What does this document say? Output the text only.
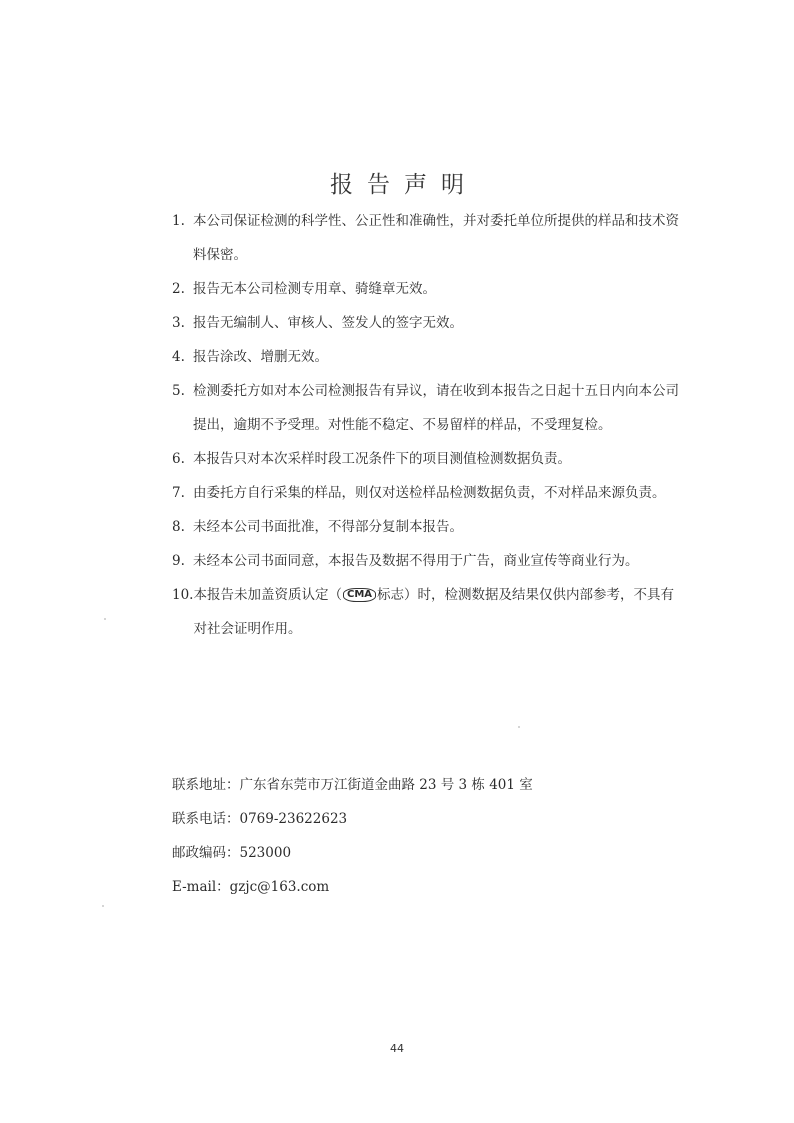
报告声明
1. 本公司保证检测的科学性、公正性和准确性，并对委托单位所提供的样品和技术资料保密。
2. 报告无本公司检测专用章、骑缝章无效。
3. 报告无编制人、审核人、签发人的签字无效。
4. 报告涂改、增删无效。
5. 检测委托方如对本公司检测报告有异议，请在收到本报告之日起十五日内向本公司提出，逾期不予受理。对性能不稳定、不易留样的样品，不受理复检。
6. 本报告只对本次采样时段工况条件下的项目测值检测数据负责。
7. 由委托方自行采集的样品，则仅对送检样品检测数据负责，不对样品来源负责。
8. 未经本公司书面批准，不得部分复制本报告。
9. 未经本公司书面同意，本报告及数据不得用于广告，商业宣传等商业行为。
10. 本报告未加盖资质认定（ CMA 标志）时，检测数据及结果仅供内部参考，不具有对社会证明作用。
联系地址：广东省东莞市万江街道金曲路 23 号 3 栋 401 室
联系电话：0769-23622623
邮政编码：523000
E-mail：gzjc@163.com
44
